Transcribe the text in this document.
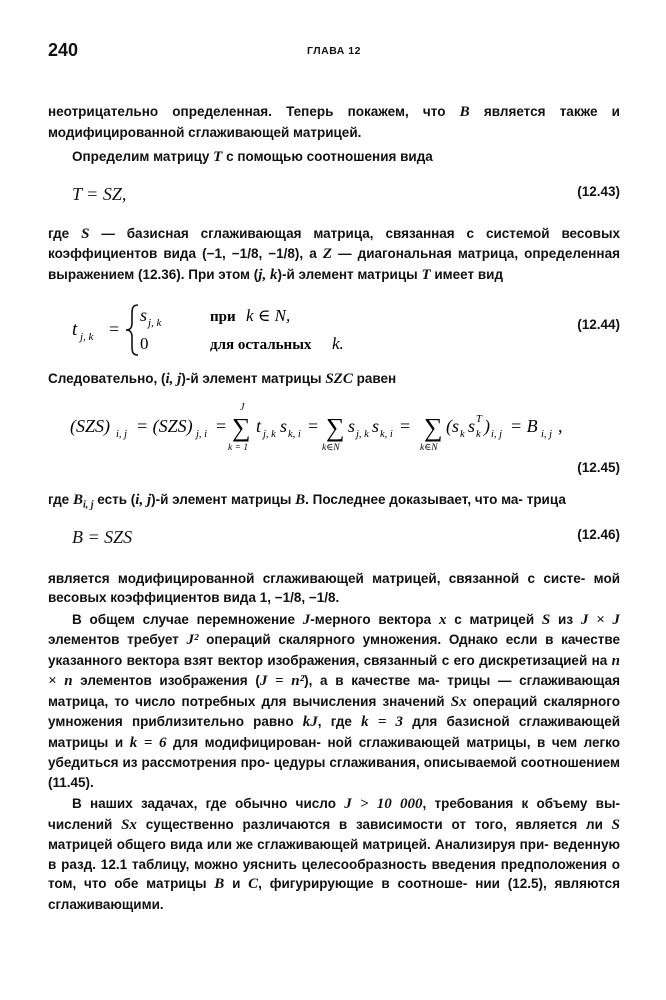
240	ГЛАВА 12

неотрицательно определенная. Теперь покажем, что B является также и модифицированной сглаживающей матрицей.

Определим матрицу T с помощью соотношения вида

T = SZ,	(12.43)

где S — базисная сглаживающая матрица, связанная с системой весовых коэффициентов вида (−1, −1/8, −1/8), а Z — диагональная матрица, определенная выражением (12.36). При этом (j, k)-й элемент матрицы T имеет вид

t j, k =
s j, k	при k ∈ N,
0	для остальных k.
(12.44)

Следовательно, (i, j)-й элемент матрицы SZC равен

(SZS) i, j = (SZS) j, i =
J
∑
k = 1
t j, k s k, i = ∑
k∈N
s j, k s k, i = ∑
k∈N
(s k s k
T ) i, j = B i, j ,
(12.45)

где $B_{i, j}$ есть (i, j)-й элемент матрицы B. Последнее доказывает, что ма- трица

B = SZS	(12.46)

является модифицированной сглаживающей матрицей, связанной с систе- мой весовых коэффициентов вида 1, −1/8, −1/8.

В общем случае перемножение J-мерного вектора x с матрицей S из J × J элементов требует J² операций скалярного умножения. Однако если в качестве указанного вектора взят вектор изображения, связанный с его дискретизацией на n × n элементов изображения (J = n²), а в качестве ма- трицы — сглаживающая матрица, то число потребных для вычисления значений Sx операций скалярного умножения приблизительно равно kJ, где k = 3 для базисной сглаживающей матрицы и k = 6 для модифицирован- ной сглаживающей матрицы, в чем легко убедиться из рассмотрения про- цедуры сглаживания, описываемой соотношением (11.45).

В наших задачах, где обычно число J > 10 000, требования к объему вы- числений Sx существенно различаются в зависимости от того, является ли S матрицей общего вида или же сглаживающей матрицей. Анализируя при- веденную в разд. 12.1 таблицу, можно уяснить целесообразность введения предположения о том, что обе матрицы B и C, фигурирующие в соотноше- нии (12.5), являются сглаживающими.
